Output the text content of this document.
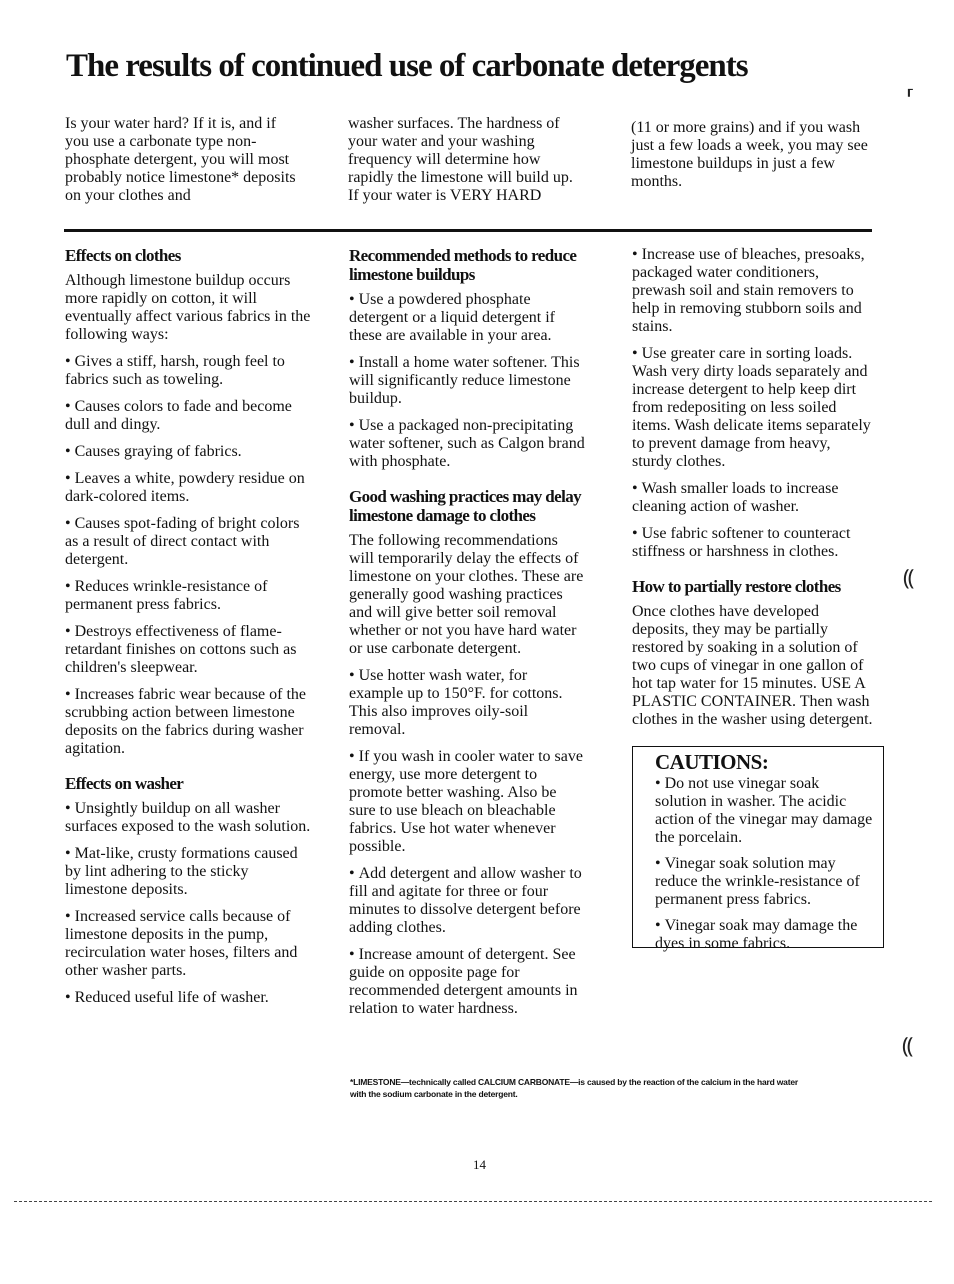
The results of continued use of carbonate detergents
Is your water hard? If it is, and if you use a carbonate type non-phosphate detergent, you will most probably notice limestone* deposits on your clothes and
washer surfaces. The hardness of your water and your washing frequency will determine how rapidly the limestone will build up. If your water is VERY HARD
(11 or more grains) and if you wash just a few loads a week, you may see limestone buildups in just a few months.
Effects on clothes

Although limestone buildup occurs more rapidly on cotton, it will eventually affect various fabrics in the following ways:

• Gives a stiff, harsh, rough feel to fabrics such as toweling.

• Causes colors to fade and become dull and dingy.

• Causes graying of fabrics.

• Leaves a white, powdery residue on dark-colored items.

• Causes spot-fading of bright colors as a result of direct contact with detergent.

• Reduces wrinkle-resistance of permanent press fabrics.

• Destroys effectiveness of flame-retardant finishes on cottons such as children's sleepwear.

• Increases fabric wear because of the scrubbing action between limestone deposits on the fabrics during washer agitation.

Effects on washer

• Unsightly buildup on all washer surfaces exposed to the wash solution.

• Mat-like, crusty formations caused by lint adhering to the sticky limestone deposits.

• Increased service calls because of limestone deposits in the pump, recirculation water hoses, filters and other washer parts.

• Reduced useful life of washer.

Recommended methods to reduce limestone buildups

• Use a powdered phosphate detergent or a liquid detergent if these are available in your area.

• Install a home water softener. This will significantly reduce limestone buildup.

• Use a packaged non-precipitating water softener, such as Calgon brand with phosphate.

Good washing practices may delay limestone damage to clothes

The following recommendations will temporarily delay the effects of limestone on your clothes. These are generally good washing practices and will give better soil removal whether or not you have hard water or use carbonate detergent.

• Use hotter wash water, for example up to 150°F. for cottons. This also improves oily-soil removal.

• If you wash in cooler water to save energy, use more detergent to promote better washing. Also be sure to use bleach on bleachable fabrics. Use hot water whenever possible.

• Add detergent and allow washer to fill and agitate for three or four minutes to dissolve detergent before adding clothes.

• Increase amount of detergent. See guide on opposite page for recommended detergent amounts in relation to water hardness.

• Increase use of bleaches, presoaks, packaged water conditioners, prewash soil and stain removers to help in removing stubborn soils and stains.

• Use greater care in sorting loads. Wash very dirty loads separately and increase detergent to help keep dirt from redepositing on less soiled items. Wash delicate items separately to prevent damage from heavy, sturdy clothes.

• Wash smaller loads to increase cleaning action of washer.

• Use fabric softener to counteract stiffness or harshness in clothes.

How to partially restore clothes

Once clothes have developed deposits, they may be partially restored by soaking in a solution of two cups of vinegar in one gallon of hot tap water for 15 minutes. USE A PLASTIC CONTAINER. Then wash clothes in the washer using detergent.

CAUTIONS:

• Do not use vinegar soak solution in washer. The acidic action of the vinegar may damage the porcelain.

• Vinegar soak solution may reduce the wrinkle-resistance of permanent press fabrics.

• Vinegar soak may damage the dyes in some fabrics.

*LIMESTONE—technically called CALCIUM CARBONATE—is caused by the reaction of the calcium in the hard water with the sodium carbonate in the detergent.
14
⸢
⸨
⸨
